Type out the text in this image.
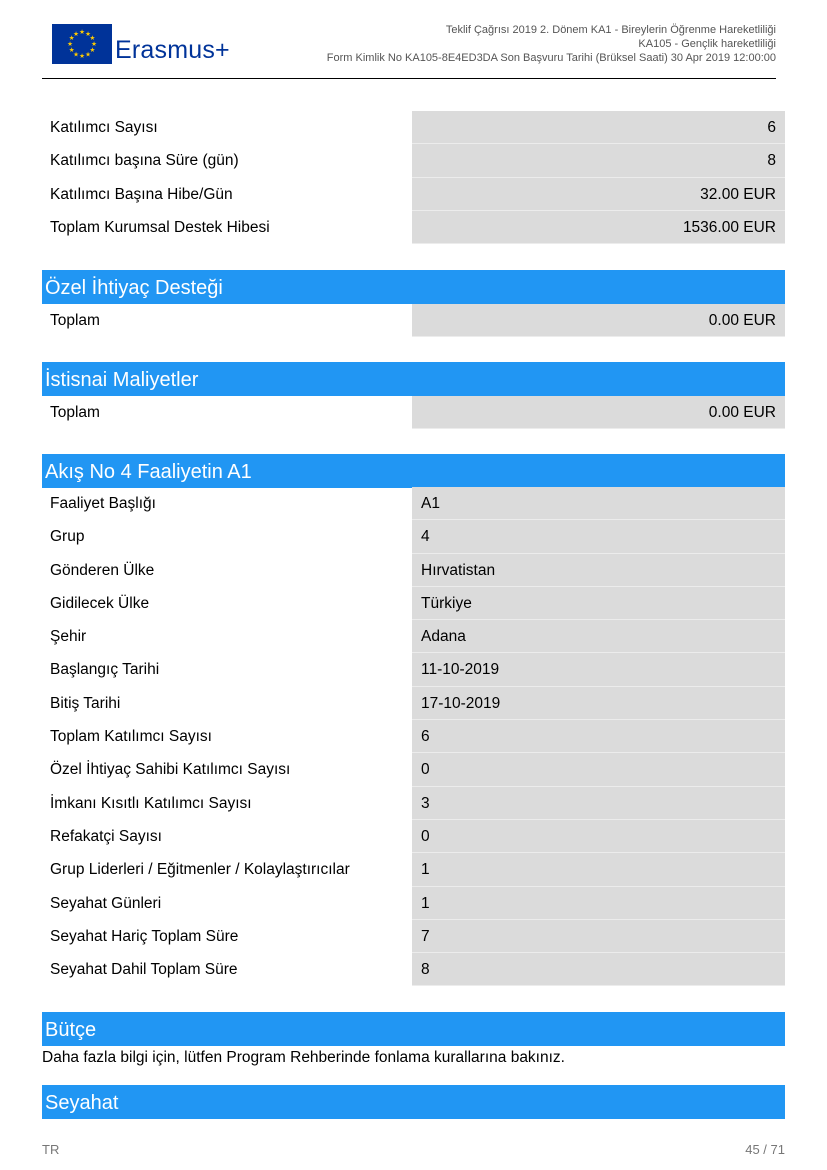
★ ★
★
★
★
★
★
★
★
★
★
★
Erasmus+
Teklif Çağrısı 2019 2. Dönem KA1 - Bireylerin Öğrenme Hareketliliği
KA105 - Gençlik hareketliliği
Form Kimlik No KA105-8E4ED3DA Son Başvuru Tarihi (Brüksel Saati) 30 Apr 2019 12:00:00
Katılımcı Sayısı	6
Katılımcı başına Süre (gün)	8
Katılımcı Başına Hibe/Gün	32.00 EUR
Toplam Kurumsal Destek Hibesi	1536.00 EUR
Özel İhtiyaç Desteği
Toplam	0.00 EUR
İstisnai Maliyetler
Toplam	0.00 EUR
Akış No 4 Faaliyetin A1
Faaliyet Başlığı	A1
Grup	4
Gönderen Ülke	Hırvatistan
Gidilecek Ülke	Türkiye
Şehir	Adana
Başlangıç Tarihi	11-10-2019
Bitiş Tarihi	17-10-2019
Toplam Katılımcı Sayısı	6
Özel İhtiyaç Sahibi Katılımcı Sayısı	0
İmkanı Kısıtlı Katılımcı Sayısı	3
Refakatçi Sayısı	0
Grup Liderleri / Eğitmenler / Kolaylaştırıcılar	1
Seyahat Günleri	1
Seyahat Hariç Toplam Süre	7
Seyahat Dahil Toplam Süre	8
Bütçe
Daha fazla bilgi için, lütfen Program Rehberinde fonlama kurallarına bakınız.
Seyahat
TR	45 / 71
